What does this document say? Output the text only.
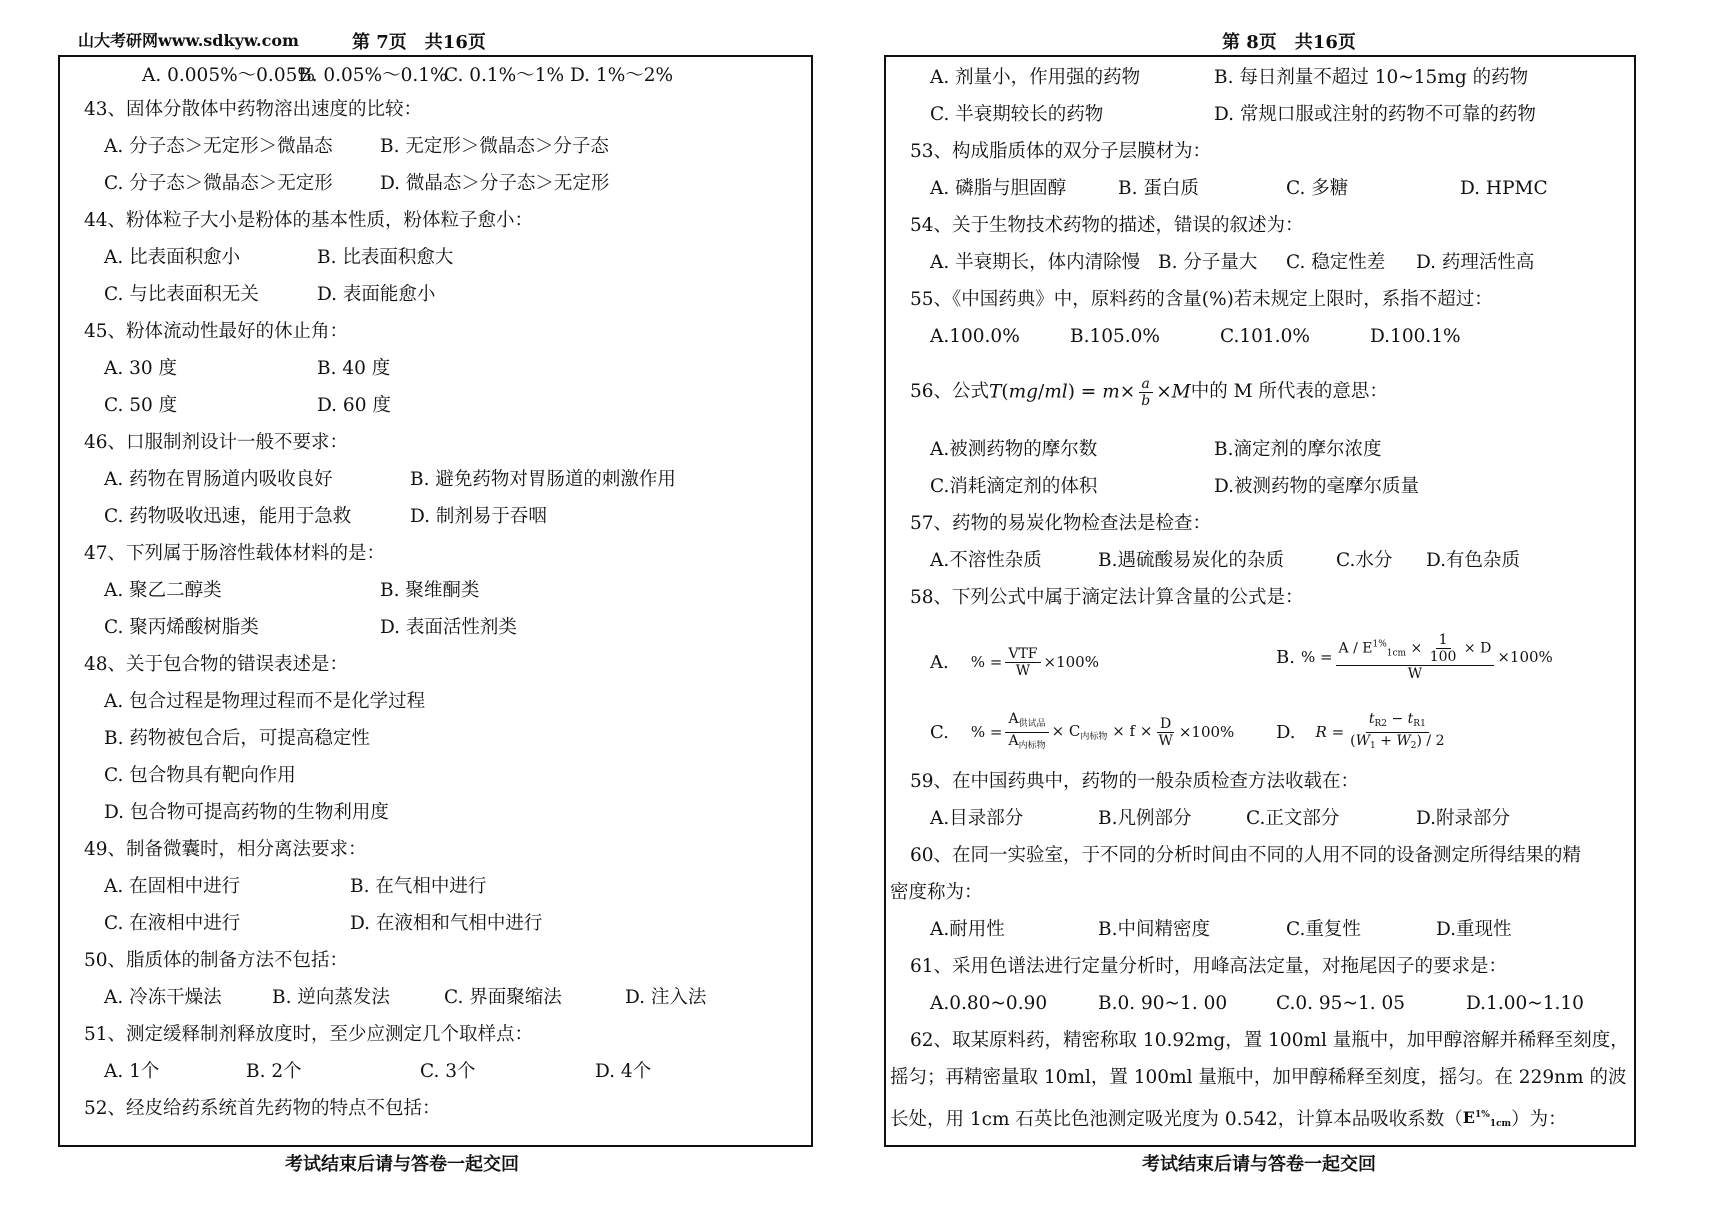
山大考研网www.sdkyw.com	第 7页　共16页
A. 0.005%～0.05%
B. 0.05%～0.1%
C. 0.1%～1% D. 1%～2%
43、固体分散体中药物溶出速度的比较：
A. 分子态＞无定形＞微晶态	B. 无定形＞微晶态＞分子态
C. 分子态＞微晶态＞无定形	D. 微晶态＞分子态＞无定形
44、粉体粒子大小是粉体的基本性质，粉体粒子愈小：
A. 比表面积愈小	B. 比表面积愈大
C. 与比表面积无关	D. 表面能愈小
45、粉体流动性最好的休止角：
A. 30 度	B. 40 度
C. 50 度	D. 60 度
46、口服制剂设计一般不要求：
A. 药物在胃肠道内吸收良好	B. 避免药物对胃肠道的刺激作用
C. 药物吸收迅速，能用于急救	D. 制剂易于吞咽
47、下列属于肠溶性载体材料的是：
A. 聚乙二醇类	B. 聚维酮类
C. 聚丙烯酸树脂类	D. 表面活性剂类
48、关于包合物的错误表述是：
A. 包合过程是物理过程而不是化学过程
B. 药物被包合后，可提高稳定性
C. 包合物具有靶向作用
D. 包合物可提高药物的生物利用度
49、制备微囊时，相分离法要求：
A. 在固相中进行	B. 在气相中进行
C. 在液相中进行	D. 在液相和气相中进行
50、脂质体的制备方法不包括：
A. 冷冻干燥法	B. 逆向蒸发法	C. 界面聚缩法	D. 注入法
51、测定缓释制剂释放度时，至少应测定几个取样点：
A. 1个	B. 2个	C. 3个	D. 4个
52、经皮给药系统首先药物的特点不包括：
考试结束后请与答卷一起交回
第 8页　共16页
A. 剂量小，作用强的药物	B. 每日剂量不超过 10~15mg 的药物
C. 半衰期较长的药物	D. 常规口服或注射的药物不可靠的药物
53、构成脂质体的双分子层膜材为：
A. 磷脂与胆固醇	B. 蛋白质	C. 多糖	D. HPMC
54、关于生物技术药物的描述，错误的叙述为：
A. 半衰期长，体内清除慢 B. 分子量大 C. 稳定性差 D. 药理活性高
55、《中国药典》中，原料药的含量(%)若未规定上限时，系指不超过：
A.100.0%	B.105.0%	C.101.0%	D.100.1%
56、公式 $T(mg/ml) = m\times \frac{a}{b} \times M$ 中的 M 所代表的意思：
A.被测药物的摩尔数	B.滴定剂的摩尔浓度
C.消耗滴定剂的体积	D.被测药物的毫摩尔质量
57、药物的易炭化物检查法是检查：
A.不溶性杂质	B.遇硫酸易炭化的杂质	C.水分 D.有色杂质
58、下列公式中属于滴定法计算含量的公式是：
A. % = $\frac{\text{VTF}}{W} \times 100\%$	B. % = $\frac{A / E^{1\%}_{1cm} \times \frac{1}{100} \times D}{W} \times 100\%$
C. % = $\frac{A_{供试品}}{A_{内标物}} \times C_{内标物} \times f \times \frac{D}{W} \times 100\%$ D. $R = \frac{t_{R2} - t_{R1}}{(W_1 + W_2) / 2}$
59、在中国药典中，药物的一般杂质检查方法收载在：
A.目录部分	B.凡例部分	C.正文部分	D.附录部分
60、在同一实验室，于不同的分析时间由不同的人用不同的设备测定所得结果的精
密度称为：
A.耐用性	B.中间精密度	C.重复性	D.重现性
61、采用色谱法进行定量分析时，用峰高法定量，对拖尾因子的要求是：
A.0.80~0.90	B.0. 90~1. 00	C.0. 95~1. 05	D.1.00~1.10
62、取某原料药，精密称取 10.92mg，置 100ml 量瓶中，加甲醇溶解并稀释至刻度，
摇匀；再精密量取 10ml，置 100ml 量瓶中，加甲醇稀释至刻度，摇匀。在 229nm 的波
长处，用 1cm 石英比色池测定吸光度为 0.542，计算本品吸收系数（ $E^{1\%}_{1cm}$ ）为：
考试结束后请与答卷一起交回
